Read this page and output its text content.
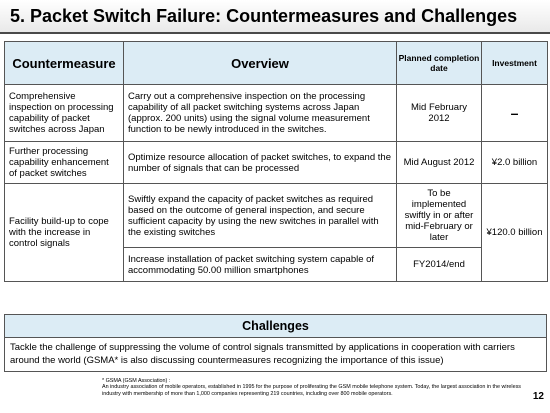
5. Packet Switch Failure: Countermeasures and Challenges
Countermeasure	Overview	Planned completion date	Investment
Comprehensive inspection on processing capability of packet switches across Japan	Carry out a comprehensive inspection on the processing capability of all packet switching systems across Japan (approx. 200 units) using the signal volume measurement function to be newly introduced in the switches.	Mid February 2012	–
Further processing capability enhancement of packet switches	Optimize resource allocation of packet switches, to expand the number of signals that can be processed	Mid August 2012	¥2.0 billion
Facility build-up to cope with the increase in control signals	Swiftly expand the capacity of packet switches as required based on the outcome of general inspection, and secure sufficient capacity by using the new switches in parallel with the existing switches	To be implemented swiftly in or after mid-February or later	¥120.0 billion
	Increase installation of packet switching system capable of accommodating 50.00 million smartphones	FY2014/end	
Challenges
Tackle the challenge of suppressing the volume of control signals transmitted by applications in cooperation with carriers around the world (GSMA* is also discussing countermeasures recognizing the importance of this issue)
* GSMA (GSM Association) :
An industry association of mobile operators, established in 1995 for the purpose of proliferating the GSM mobile telephone system. Today, the largest association in the wireless industry with membership of more than 1,000 companies representing 219 countries, including over 800 mobile operators.	12
